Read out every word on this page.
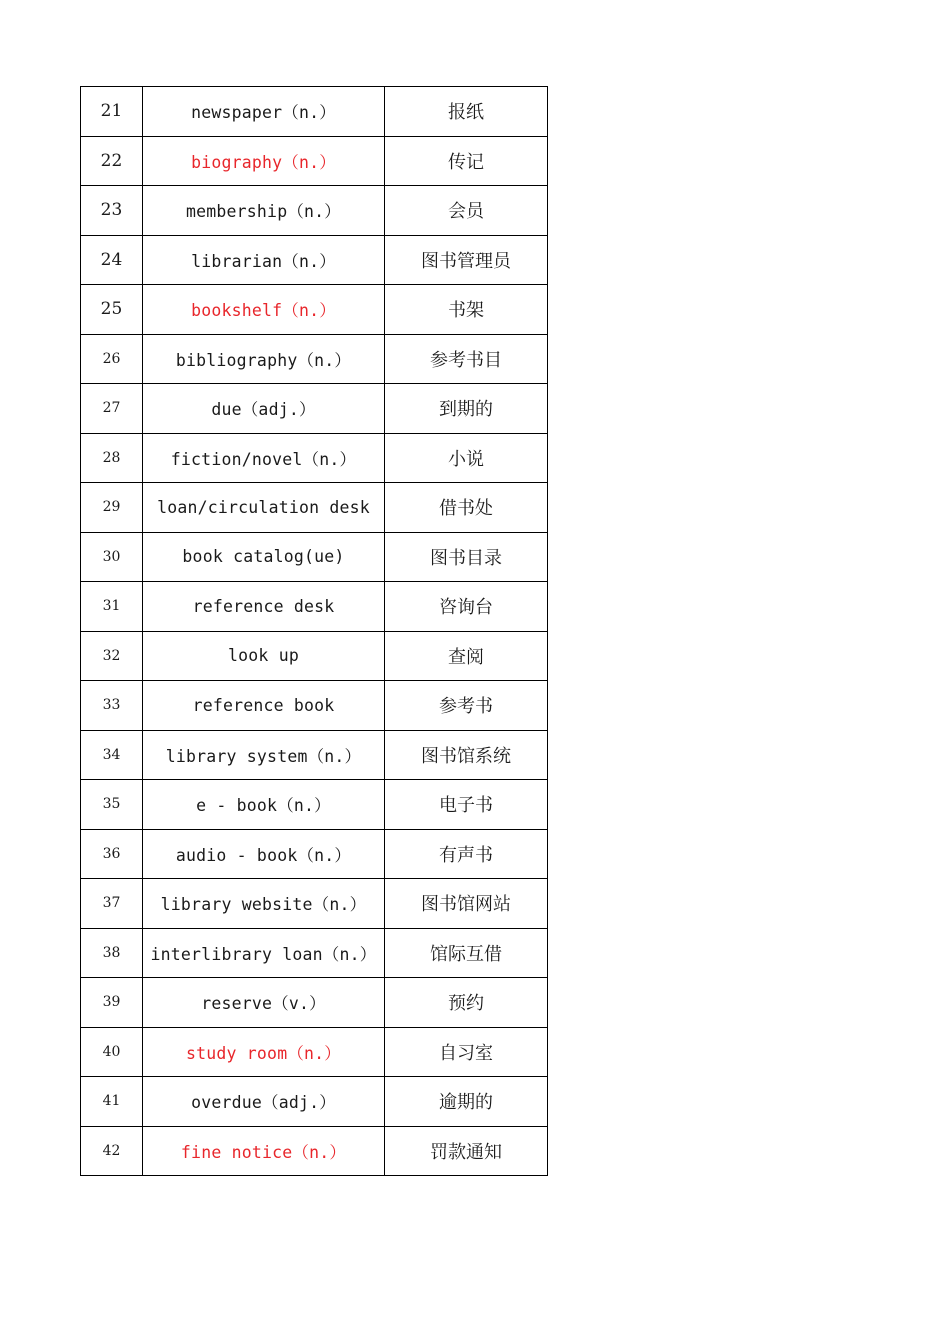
21	newspaper（n.）	报纸
22	biography（n.）	传记
23	membership（n.）	会员
24	librarian（n.）	图书管理员
25	bookshelf（n.）	书架
26	bibliography（n.）	参考书目
27	due（adj.）	到期的
28	fiction/novel（n.）	小说
29	loan/circulation desk	借书处
30	book catalog(ue)	图书目录
31	reference desk	咨询台
32	look up	查阅
33	reference book	参考书
34	library system（n.）	图书馆系统
35	e - book（n.）	电子书
36	audio - book（n.）	有声书
37	library website（n.）	图书馆网站
38	interlibrary loan（n.）	馆际互借
39	reserve（v.）	预约
40	study room（n.）	自习室
41	overdue（adj.）	逾期的
42	fine notice（n.）	罚款通知
